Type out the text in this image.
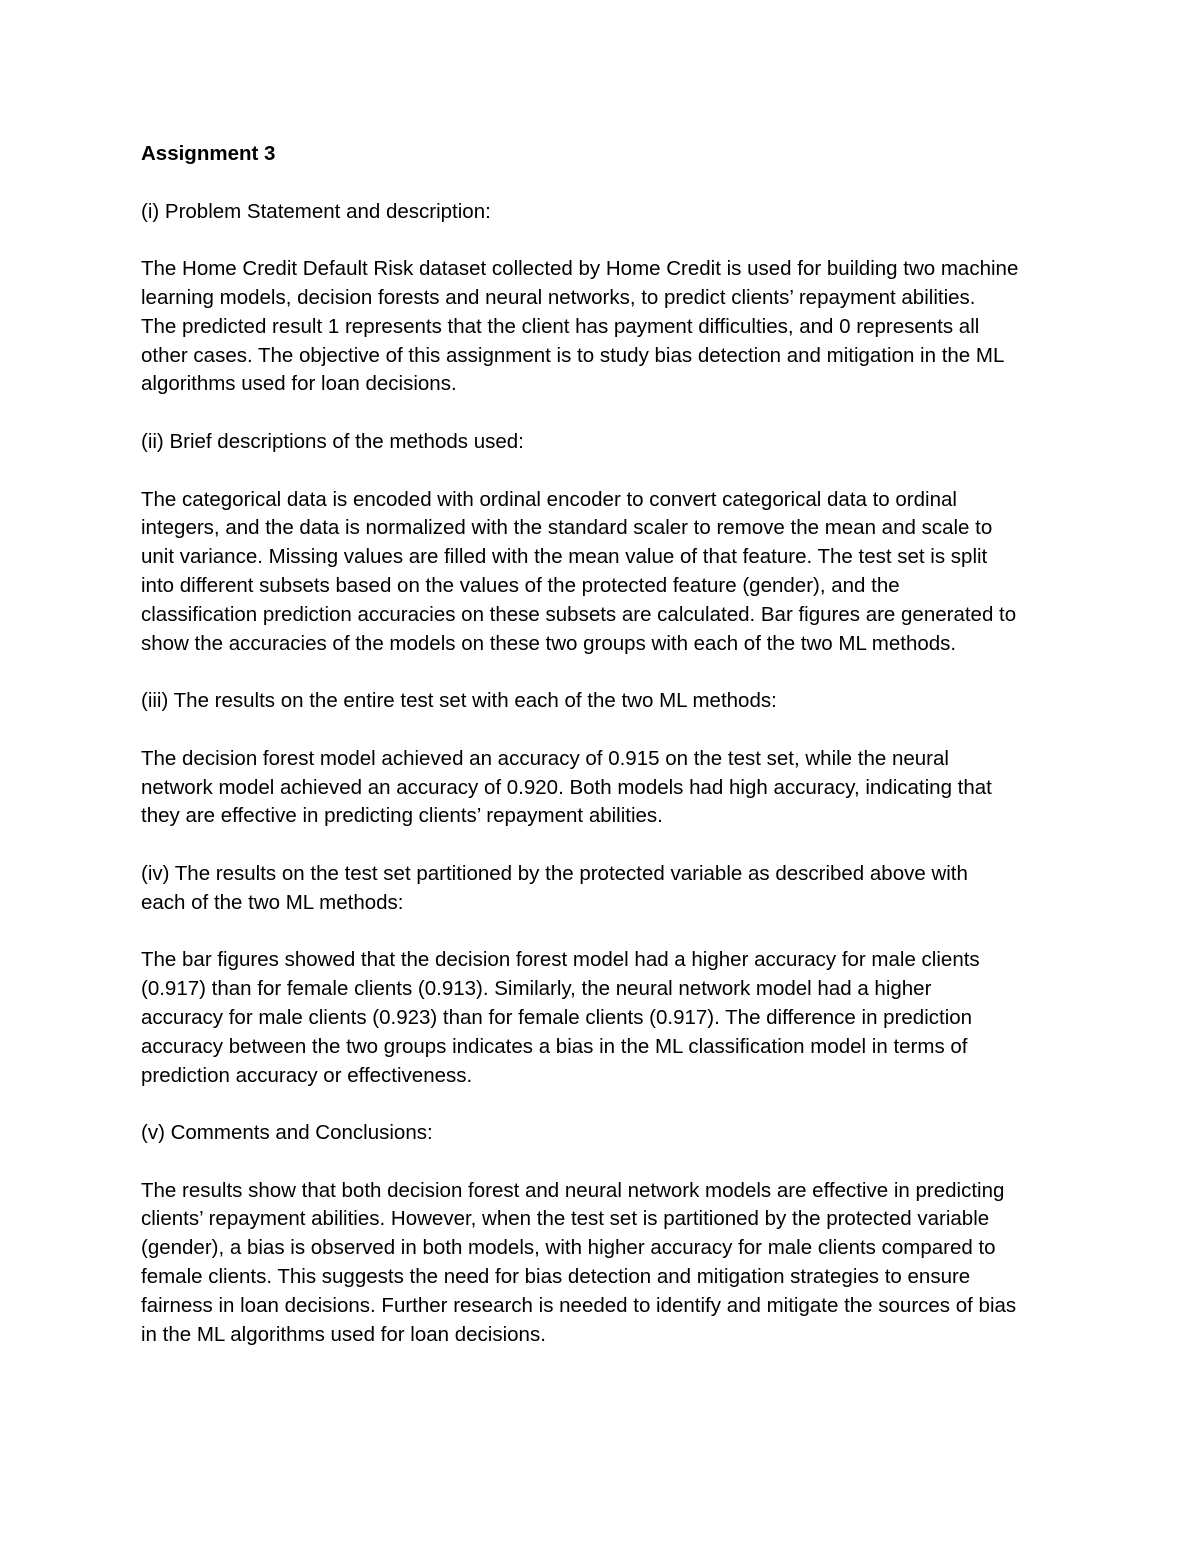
Assignment 3
(i) Problem Statement and description:
The Home Credit Default Risk dataset collected by Home Credit is used for building two machine
learning models, decision forests and neural networks, to predict clients’ repayment abilities.
The predicted result 1 represents that the client has payment difficulties, and 0 represents all
other cases. The objective of this assignment is to study bias detection and mitigation in the ML
algorithms used for loan decisions.
(ii) Brief descriptions of the methods used:
The categorical data is encoded with ordinal encoder to convert categorical data to ordinal
integers, and the data is normalized with the standard scaler to remove the mean and scale to
unit variance. Missing values are filled with the mean value of that feature. The test set is split
into different subsets based on the values of the protected feature (gender), and the
classification prediction accuracies on these subsets are calculated. Bar figures are generated to
show the accuracies of the models on these two groups with each of the two ML methods.
(iii) The results on the entire test set with each of the two ML methods:
The decision forest model achieved an accuracy of 0.915 on the test set, while the neural
network model achieved an accuracy of 0.920. Both models had high accuracy, indicating that
they are effective in predicting clients’ repayment abilities.
(iv) The results on the test set partitioned by the protected variable as described above with
each of the two ML methods:
The bar figures showed that the decision forest model had a higher accuracy for male clients
(0.917) than for female clients (0.913). Similarly, the neural network model had a higher
accuracy for male clients (0.923) than for female clients (0.917). The difference in prediction
accuracy between the two groups indicates a bias in the ML classification model in terms of
prediction accuracy or effectiveness.
(v) Comments and Conclusions:
The results show that both decision forest and neural network models are effective in predicting
clients’ repayment abilities. However, when the test set is partitioned by the protected variable
(gender), a bias is observed in both models, with higher accuracy for male clients compared to
female clients. This suggests the need for bias detection and mitigation strategies to ensure
fairness in loan decisions. Further research is needed to identify and mitigate the sources of bias
in the ML algorithms used for loan decisions.
